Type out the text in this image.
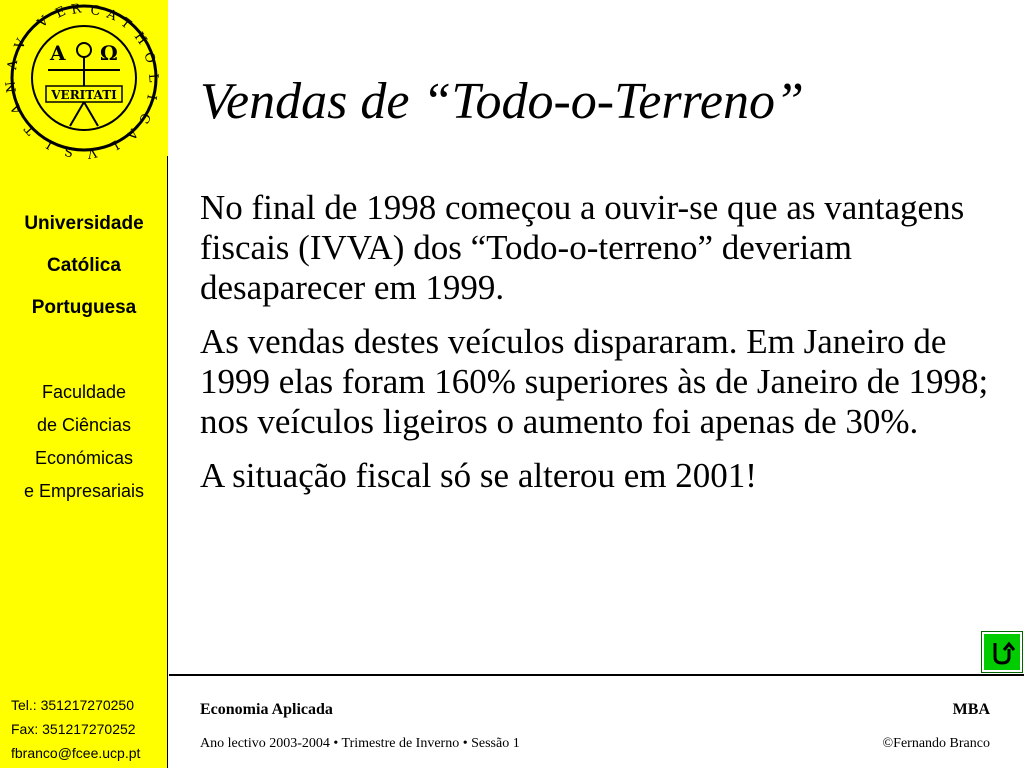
V
E R C A
T
H
O
L
I
C
A
L
V
S
I
T
A
N
A
V A Ω
VERITATI
Universidade
Católica
Portuguesa
Faculdade
de Ciências
Económicas
e Empresariais
Tel.: 351217270250
Fax: 351217270252
fbranco@fcee.ucp.pt
Vendas de “Todo-o-Terreno”

No final de 1998 começou a ouvir-se que as vantagens fiscais (IVVA) dos “Todo-o-terreno” deveriam desaparecer em 1999.

As vendas destes veículos dispararam. Em Janeiro de 1999 elas foram 160% superiores às de Janeiro de 1998; nos veículos ligeiros o aumento foi apenas de 30%.

A situação fiscal só se alterou em 2001!

Economia Aplicada
Ano lectivo 2003-2004 • Trimestre de Inverno • Sessão 1
MBA
©Fernando Branco
